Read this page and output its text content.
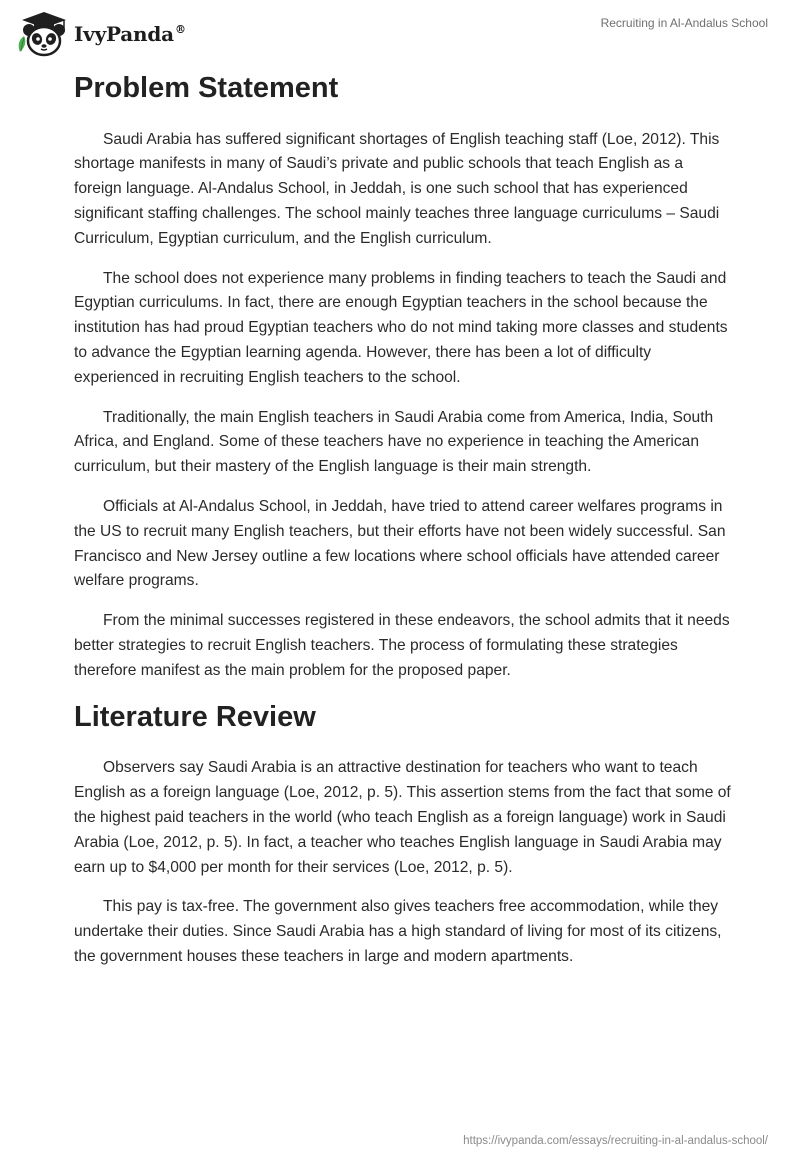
IvyPanda®	Recruiting in Al-Andalus School
Problem Statement

Saudi Arabia has suffered significant shortages of English teaching staff (Loe, 2012). This shortage manifests in many of Saudi’s private and public schools that teach English as a foreign language. Al-Andalus School, in Jeddah, is one such school that has experienced significant staffing challenges. The school mainly teaches three language curriculums – Saudi Curriculum, Egyptian curriculum, and the English curriculum.

The school does not experience many problems in finding teachers to teach the Saudi and Egyptian curriculums. In fact, there are enough Egyptian teachers in the school because the institution has had proud Egyptian teachers who do not mind taking more classes and students to advance the Egyptian learning agenda. However, there has been a lot of difficulty experienced in recruiting English teachers to the school.

Traditionally, the main English teachers in Saudi Arabia come from America, India, South Africa, and England. Some of these teachers have no experience in teaching the American curriculum, but their mastery of the English language is their main strength.

Officials at Al-Andalus School, in Jeddah, have tried to attend career welfares programs in the US to recruit many English teachers, but their efforts have not been widely successful. San Francisco and New Jersey outline a few locations where school officials have attended career welfare programs.

From the minimal successes registered in these endeavors, the school admits that it needs better strategies to recruit English teachers. The process of formulating these strategies therefore manifest as the main problem for the proposed paper.

Literature Review

Observers say Saudi Arabia is an attractive destination for teachers who want to teach English as a foreign language (Loe, 2012, p. 5). This assertion stems from the fact that some of the highest paid teachers in the world (who teach English as a foreign language) work in Saudi Arabia (Loe, 2012, p. 5). In fact, a teacher who teaches English language in Saudi Arabia may earn up to $4,000 per month for their services (Loe, 2012, p. 5).

This pay is tax-free. The government also gives teachers free accommodation, while they undertake their duties. Since Saudi Arabia has a high standard of living for most of its citizens, the government houses these teachers in large and modern apartments.

https://ivypanda.com/essays/recruiting-in-al-andalus-school/
